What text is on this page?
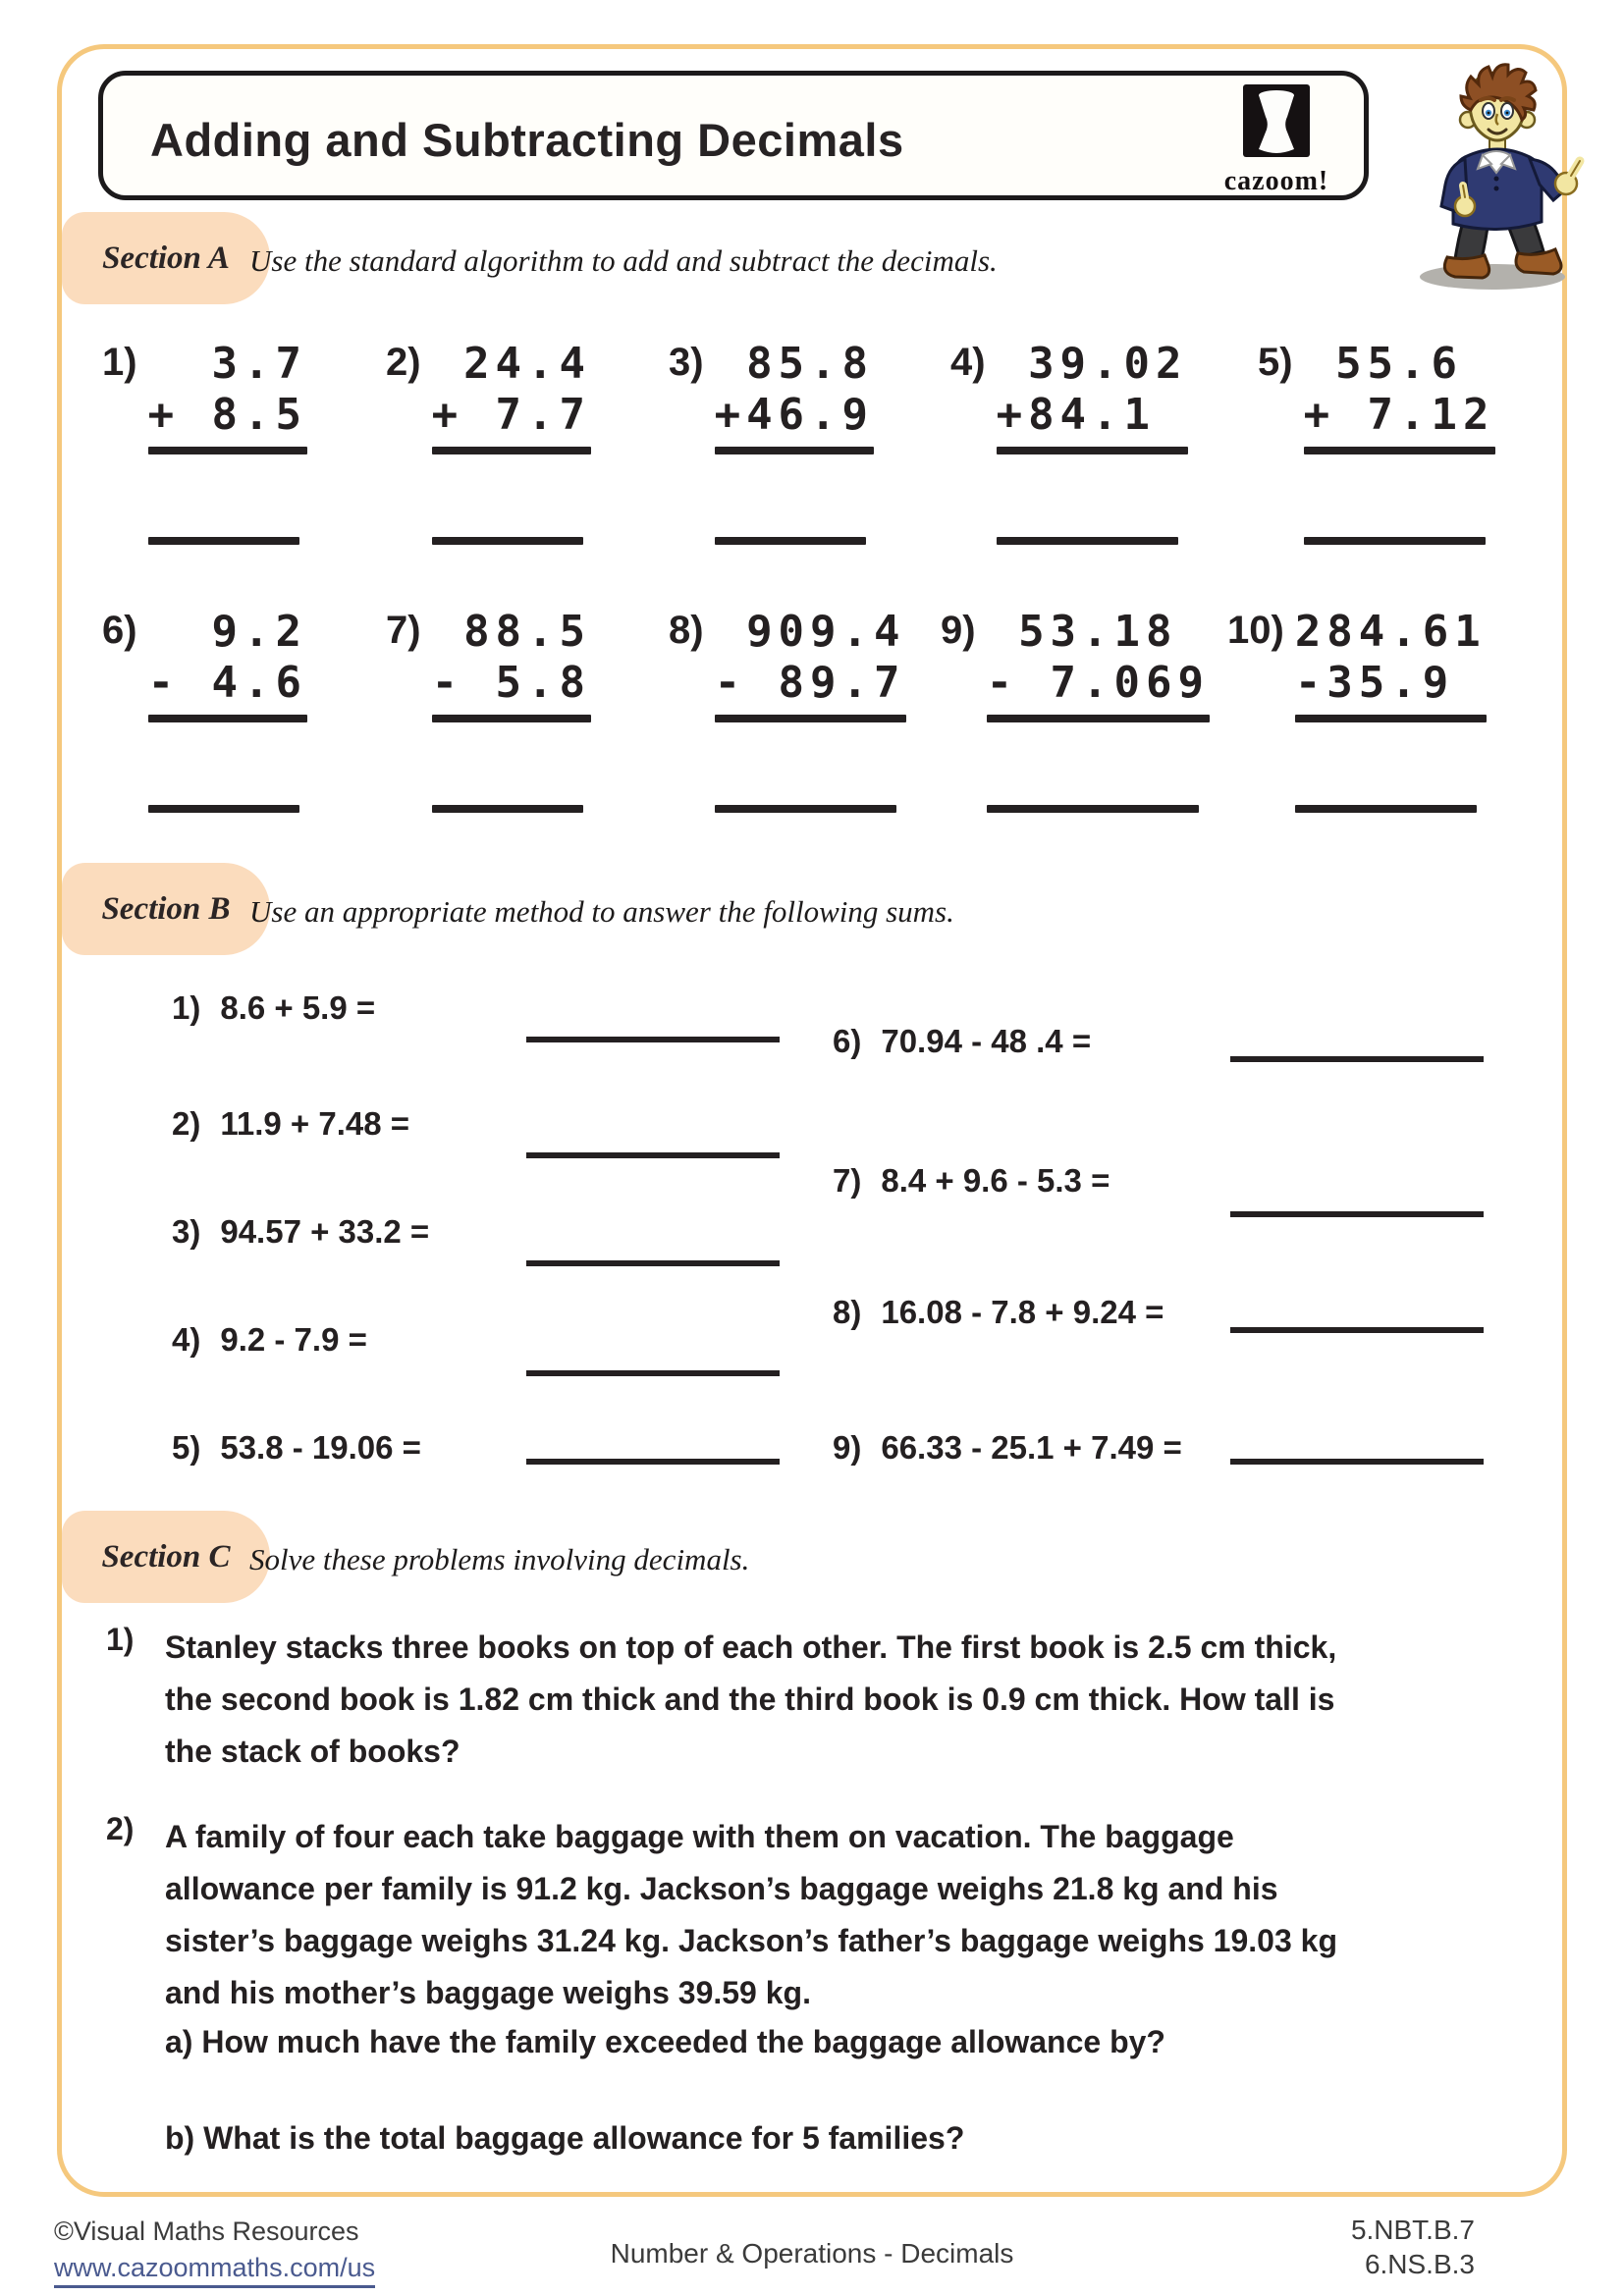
Adding and Subtracting Decimals
cazoom!
Section A Use the standard algorithm to add and subtract the decimals.
Section B Use an appropriate method to answer the following sums.
Section C Solve these problems involving decimals.
1) 3.7
+ 8.5
2) 24.4
+ 7.7
3) 85.8
+46.9
4) 39.02
+84.1
5) 55.6
+ 7.12
6) 9.2
- 4.6
7) 88.5
- 5.8
8) 909.4
- 89.7
9) 53.18
- 7.069
10) 284.61
-35.9
1) 8.6 + 5.9 =
2) 11.9 + 7.48 =
3) 94.57 + 33.2 =
4) 9.2 - 7.9 =
5) 53.8 - 19.06 =
6) 70.94 - 48 .4 =
7) 8.4 + 9.6 - 5.3 =
8) 16.08 - 7.8 + 9.24 =
9) 66.33 - 25.1 + 7.49 =
1) Stanley stacks three books on top of each other. The first book is 2.5 cm thick,
the second book is 1.82 cm thick and the third book is 0.9 cm thick. How tall is
the stack of books?
2) A family of four each take baggage with them on vacation. The baggage
allowance per family is 91.2 kg. Jackson’s baggage weighs 21.8 kg and his
sister’s baggage weighs 31.24 kg. Jackson’s father’s baggage weighs 19.03 kg
and his mother’s baggage weighs 39.59 kg.
a) How much have the family exceeded the baggage allowance by?
b) What is the total baggage allowance for 5 families?
©Visual Maths Resources
www.cazoommaths.com/us	Number & Operations - Decimals
5.NBT.B.7
6.NS.B.3
